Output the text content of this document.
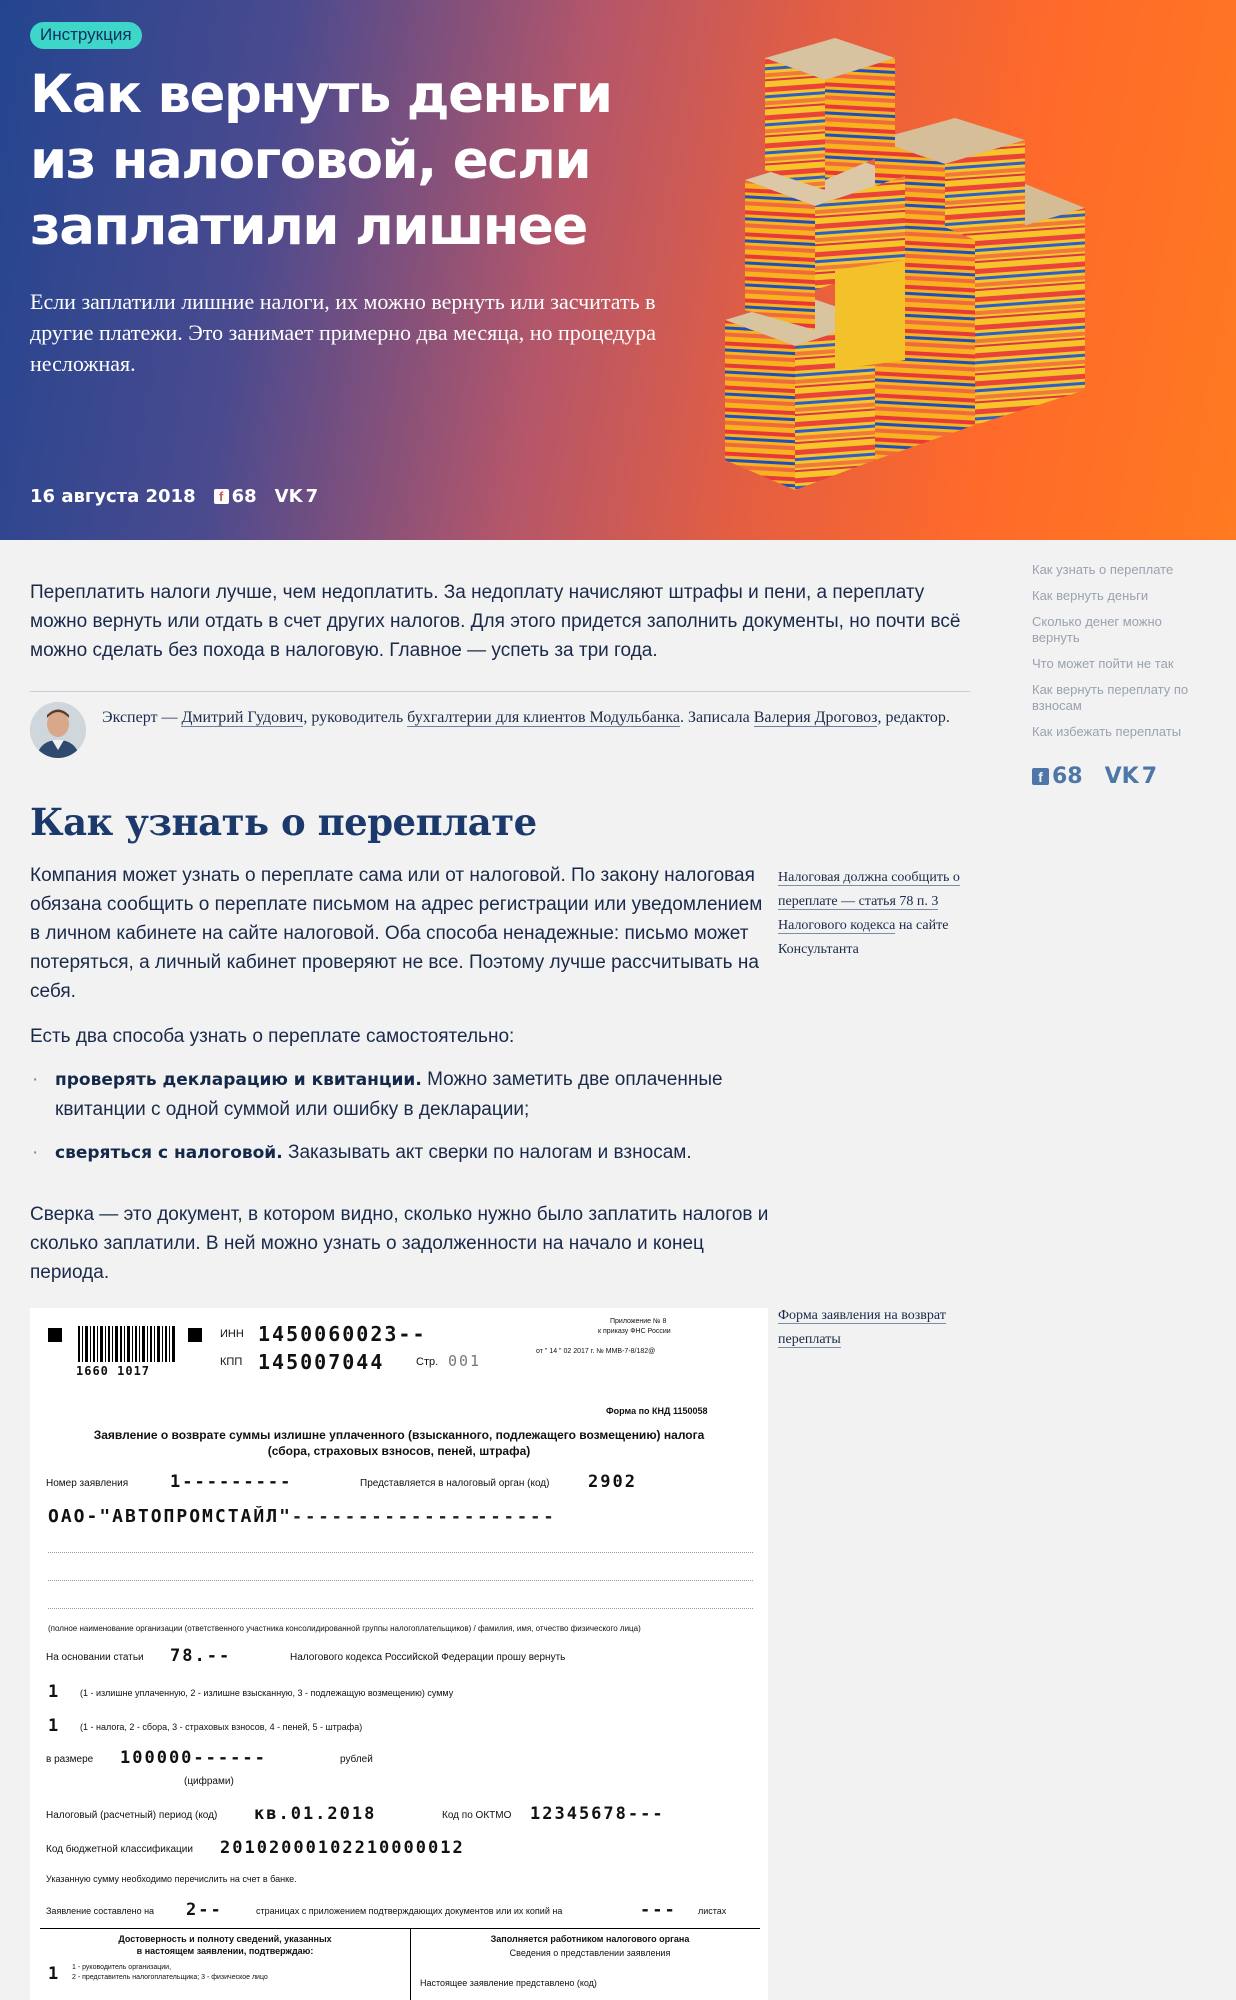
Инструкция
Как вернуть деньги
из налоговой, если
заплатили лишнее

Если заплатили лишние налоги, их можно вернуть или засчитать в другие платежи. Это занимает примерно два месяца, но процедура несложная.

16 августа 2018	f 68 VK 7
Как узнать о переплате
Как вернуть деньги
Сколько денег можно вернуть
Что может пойти не так
Как вернуть переплату по взносам
Как избежать переплаты
f 68 VK 7

Переплатить налоги лучше, чем недоплатить. За недоплату начисляют штрафы и пени, а переплату можно вернуть или отдать в счет других налогов. Для этого придется заполнить документы, но почти всё можно сделать без похода в налоговую. Главное — успеть за три года.

Эксперт — Дмитрий Гудович, руководитель бухгалтерии для клиентов Модульбанка. Записала Валерия Дроговоз, редактор.

Как узнать о переплате

Компания может узнать о переплате сама или от налоговой. По закону налоговая обязана сообщить о переплате письмом на адрес регистрации или уведомлением в личном кабинете на сайте налоговой. Оба способа ненадежные: письмо может потеряться, а личный кабинет проверяют не все. Поэтому лучше рассчитывать на себя.

Есть два способа узнать о переплате самостоятельно:

· проверять декларацию и квитанции. Можно заметить две оплаченные квитанции с одной суммой или ошибку в декларации;
· сверяться с налоговой. Заказывать акт сверки по налогам и взносам.

Сверка — это документ, в котором видно, сколько нужно было заплатить налогов и сколько заплатили. В ней можно узнать о задолженности на начало и конец периода.

Налоговая должна сообщить о переплате — статья 78 п. 3 Налогового кодекса на сайте Консультанта

Форма заявления на возврат переплаты

1660 1017
ИНН 1450060023--
КПП 145007044	Стр. 001
Приложение № 8
к приказу ФНС России
от " 14 " 02 2017 г. № ММВ-7-8/182@
Форма по КНД 1150058
Заявление о возврате суммы излишне уплаченного (взысканного, подлежащего возмещению) налога
(сбора, страховых взносов, пеней, штрафа)
Номер заявления 1---------	Представляется в налоговый орган (код) 2902
ОАО-"АВТОПРОМСТАЙЛ"--------------------

(полное наименование организации (ответственного участника консолидированной группы налогоплательщиков) / фамилия, имя, отчество физического лица)
На основании статьи 78.--	Налогового кодекса Российской Федерации прошу вернуть
1 (1 - излишне уплаченную, 2 - излишне взысканную, 3 - подлежащую возмещению) сумму
1 (1 - налога, 2 - сбора, 3 - страховых взносов, 4 - пеней, 5 - штрафа)
в размере 100000------	рублей
(цифрами)
Налоговый (расчетный) период (код) кв.01.2018	Код по ОКТМО 12345678---
Код бюджетной классификации 20102000102210000012
Указанную сумму необходимо перечислить на счет в банке.
Заявление составлено на 2--	страницах с приложением подтверждающих документов или их копий на	--- листах
Достоверность и полноту сведений, указанных
в настоящем заявлении, подтверждаю:
1 1 - руководитель организации,
2 - представитель налогоплательщика; 3 - физическое лицо
Заполняется работником налогового органа
Сведения о представлении заявления
Настоящее заявление представлено (код)
